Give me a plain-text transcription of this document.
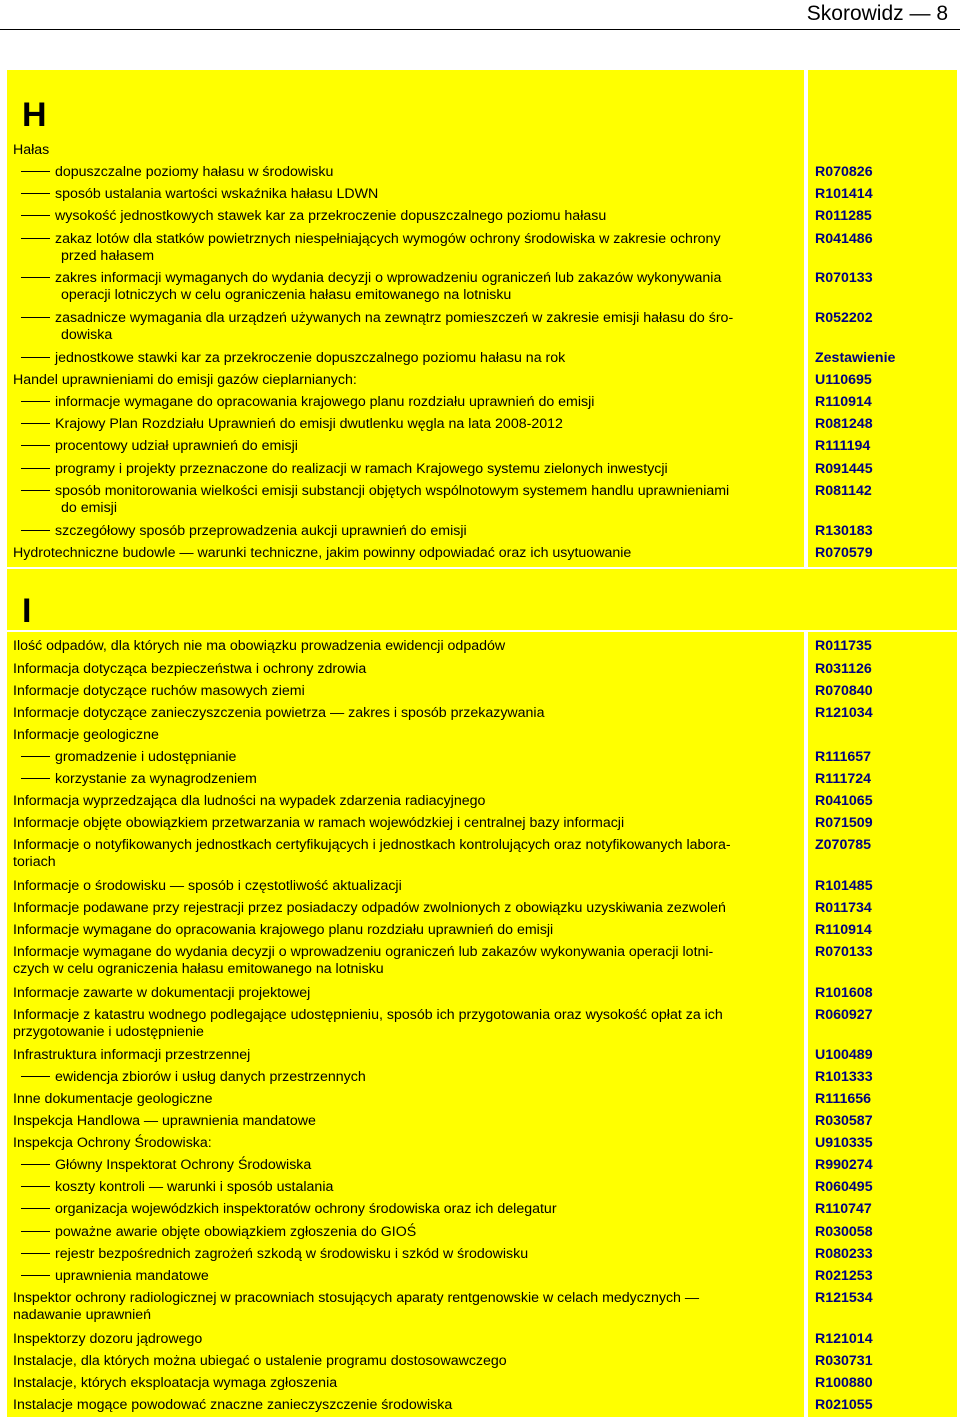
Skorowidz — 8
H
I
Hałas
dopuszczalne poziomy hałasu w środowisku	R070826
sposób ustalania wartości wskaźnika hałasu LDWN	R101414
wysokość jednostkowych stawek kar za przekroczenie dopuszczalnego poziomu hałasu	R011285
zakaz lotów dla statków powietrznych niespełniających wymogów ochrony środowiska w zakresie ochrony
przed hałasem
R041486
zakres informacji wymaganych do wydania decyzji o wprowadzeniu ograniczeń lub zakazów wykonywania
operacji lotniczych w celu ograniczenia hałasu emitowanego na lotnisku
R070133
zasadnicze wymagania dla urządzeń używanych na zewnątrz pomieszczeń w zakresie emisji hałasu do śro-
dowiska
R052202
jednostkowe stawki kar za przekroczenie dopuszczalnego poziomu hałasu na rok	Zestawienie
Handel uprawnieniami do emisji gazów cieplarnianych:	U110695
informacje wymagane do opracowania krajowego planu rozdziału uprawnień do emisji	R110914
Krajowy Plan Rozdziału Uprawnień do emisji dwutlenku węgla na lata 2008-2012	R081248
procentowy udział uprawnień do emisji	R111194
programy i projekty przeznaczone do realizacji w ramach Krajowego systemu zielonych inwestycji	R091445
sposób monitorowania wielkości emisji substancji objętych wspólnotowym systemem handlu uprawnieniami
do emisji
R081142
szczegółowy sposób przeprowadzenia aukcji uprawnień do emisji	R130183
Hydrotechniczne budowle — warunki techniczne, jakim powinny odpowiadać oraz ich usytuowanie	R070579
Ilość odpadów, dla których nie ma obowiązku prowadzenia ewidencji odpadów	R011735
Informacja dotycząca bezpieczeństwa i ochrony zdrowia	R031126
Informacje dotyczące ruchów masowych ziemi	R070840
Informacje dotyczące zanieczyszczenia powietrza — zakres i sposób przekazywania	R121034
Informacje geologiczne
gromadzenie i udostępnianie	R111657
korzystanie za wynagrodzeniem	R111724
Informacja wyprzedzająca dla ludności na wypadek zdarzenia radiacyjnego	R041065
Informacje objęte obowiązkiem przetwarzania w ramach wojewódzkiej i centralnej bazy informacji	R071509
Informacje o notyfikowanych jednostkach certyfikujących i jednostkach kontrolujących oraz notyfikowanych labora-
toriach
Z070785
Informacje o środowisku — sposób i częstotliwość aktualizacji	R101485
Informacje podawane przy rejestracji przez posiadaczy odpadów zwolnionych z obowiązku uzyskiwania zezwoleń	R011734
Informacje wymagane do opracowania krajowego planu rozdziału uprawnień do emisji	R110914
Informacje wymagane do wydania decyzji o wprowadzeniu ograniczeń lub zakazów wykonywania operacji lotni-
czych w celu ograniczenia hałasu emitowanego na lotnisku
R070133
Informacje zawarte w dokumentacji projektowej	R101608
Informacje z katastru wodnego podlegające udostępnieniu, sposób ich przygotowania oraz wysokość opłat za ich
przygotowanie i udostępnienie
R060927
Infrastruktura informacji przestrzennej	U100489
ewidencja zbiorów i usług danych przestrzennych	R101333
Inne dokumentacje geologiczne	R111656
Inspekcja Handlowa — uprawnienia mandatowe	R030587
Inspekcja Ochrony Środowiska:	U910335
Główny Inspektorat Ochrony Środowiska	R990274
koszty kontroli — warunki i sposób ustalania	R060495
organizacja wojewódzkich inspektoratów ochrony środowiska oraz ich delegatur	R110747
poważne awarie objęte obowiązkiem zgłoszenia do GIOŚ	R030058
rejestr bezpośrednich zagrożeń szkodą w środowisku i szkód w środowisku	R080233
uprawnienia mandatowe	R021253
Inspektor ochrony radiologicznej w pracowniach stosujących aparaty rentgenowskie w celach medycznych —
nadawanie uprawnień
R121534
Inspektorzy dozoru jądrowego	R121014
Instalacje, dla których można ubiegać o ustalenie programu dostosowawczego	R030731
Instalacje, których eksploatacja wymaga zgłoszenia	R100880
Instalacje mogące powodować znaczne zanieczyszczenie środowiska	R021055
